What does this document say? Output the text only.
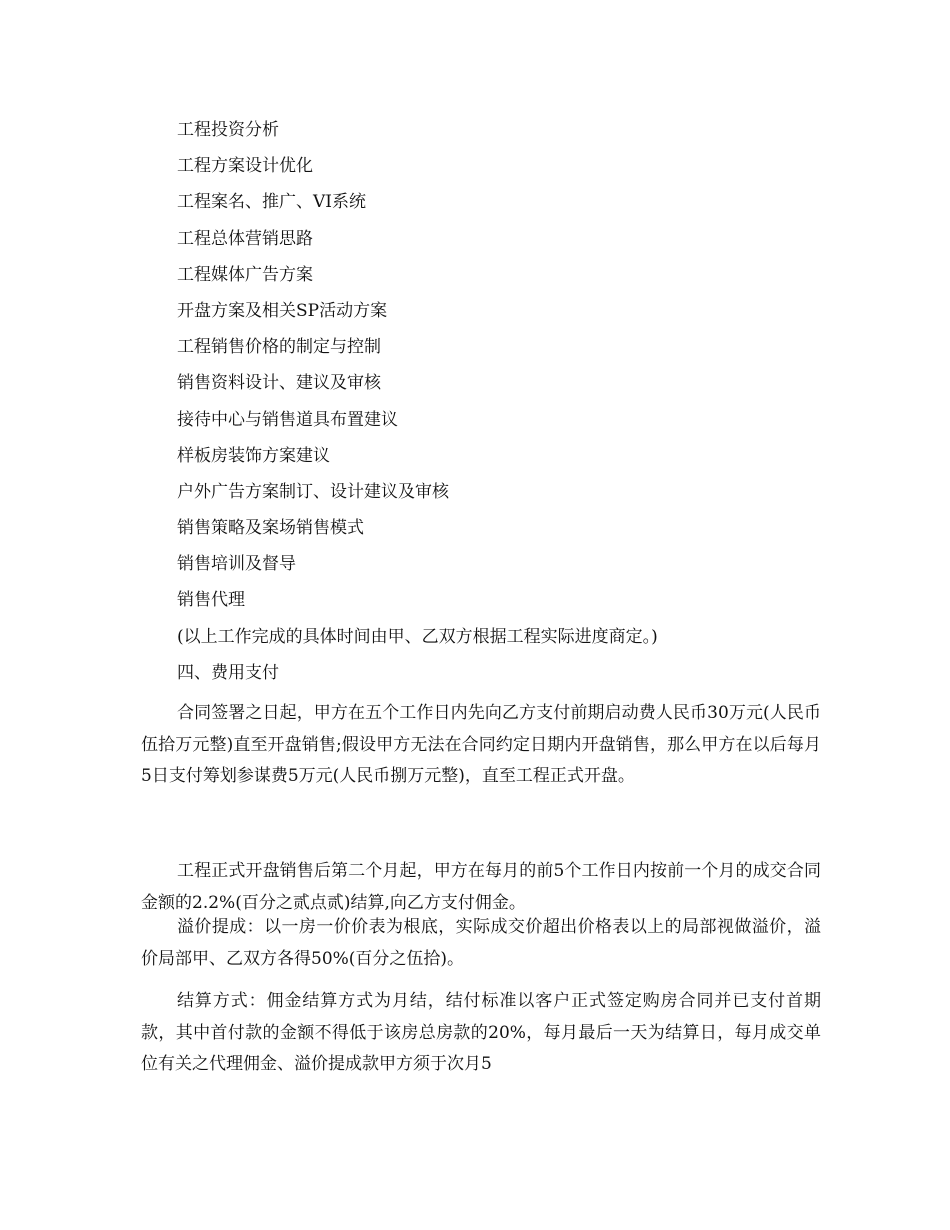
工程投资分析
工程方案设计优化
工程案名、推广、VI系统
工程总体营销思路
工程媒体广告方案
开盘方案及相关SP活动方案
工程销售价格的制定与控制
销售资料设计、建议及审核
接待中心与销售道具布置建议
样板房装饰方案建议
户外广告方案制订、设计建议及审核
销售策略及案场销售模式
销售培训及督导
销售代理
(以上工作完成的具体时间由甲、乙双方根据工程实际进度商定。)
四、费用支付
合同签署之日起，甲方在五个工作日内先向乙方支付前期启动费人民币30万元(人民币伍拾万元整)直至开盘销售;假设甲方无法在合同约定日期内开盘销售，那么甲方在以后每月5日支付筹划参谋费5万元(人民币捌万元整)，直至工程正式开盘。
工程正式开盘销售后第二个月起，甲方在每月的前5个工作日内按前一个月的成交合同金额的2.2%(百分之贰点贰)结算,向乙方支付佣金。
溢价提成：以一房一价价表为根底，实际成交价超出价格表以上的局部视做溢价，溢价局部甲、乙双方各得50%(百分之伍拾)。
结算方式：佣金结算方式为月结，结付标准以客户正式签定购房合同并已支付首期款，其中首付款的金额不得低于该房总房款的20%，每月最后一天为结算日，每月成交单位有关之代理佣金、溢价提成款甲方须于次月5
